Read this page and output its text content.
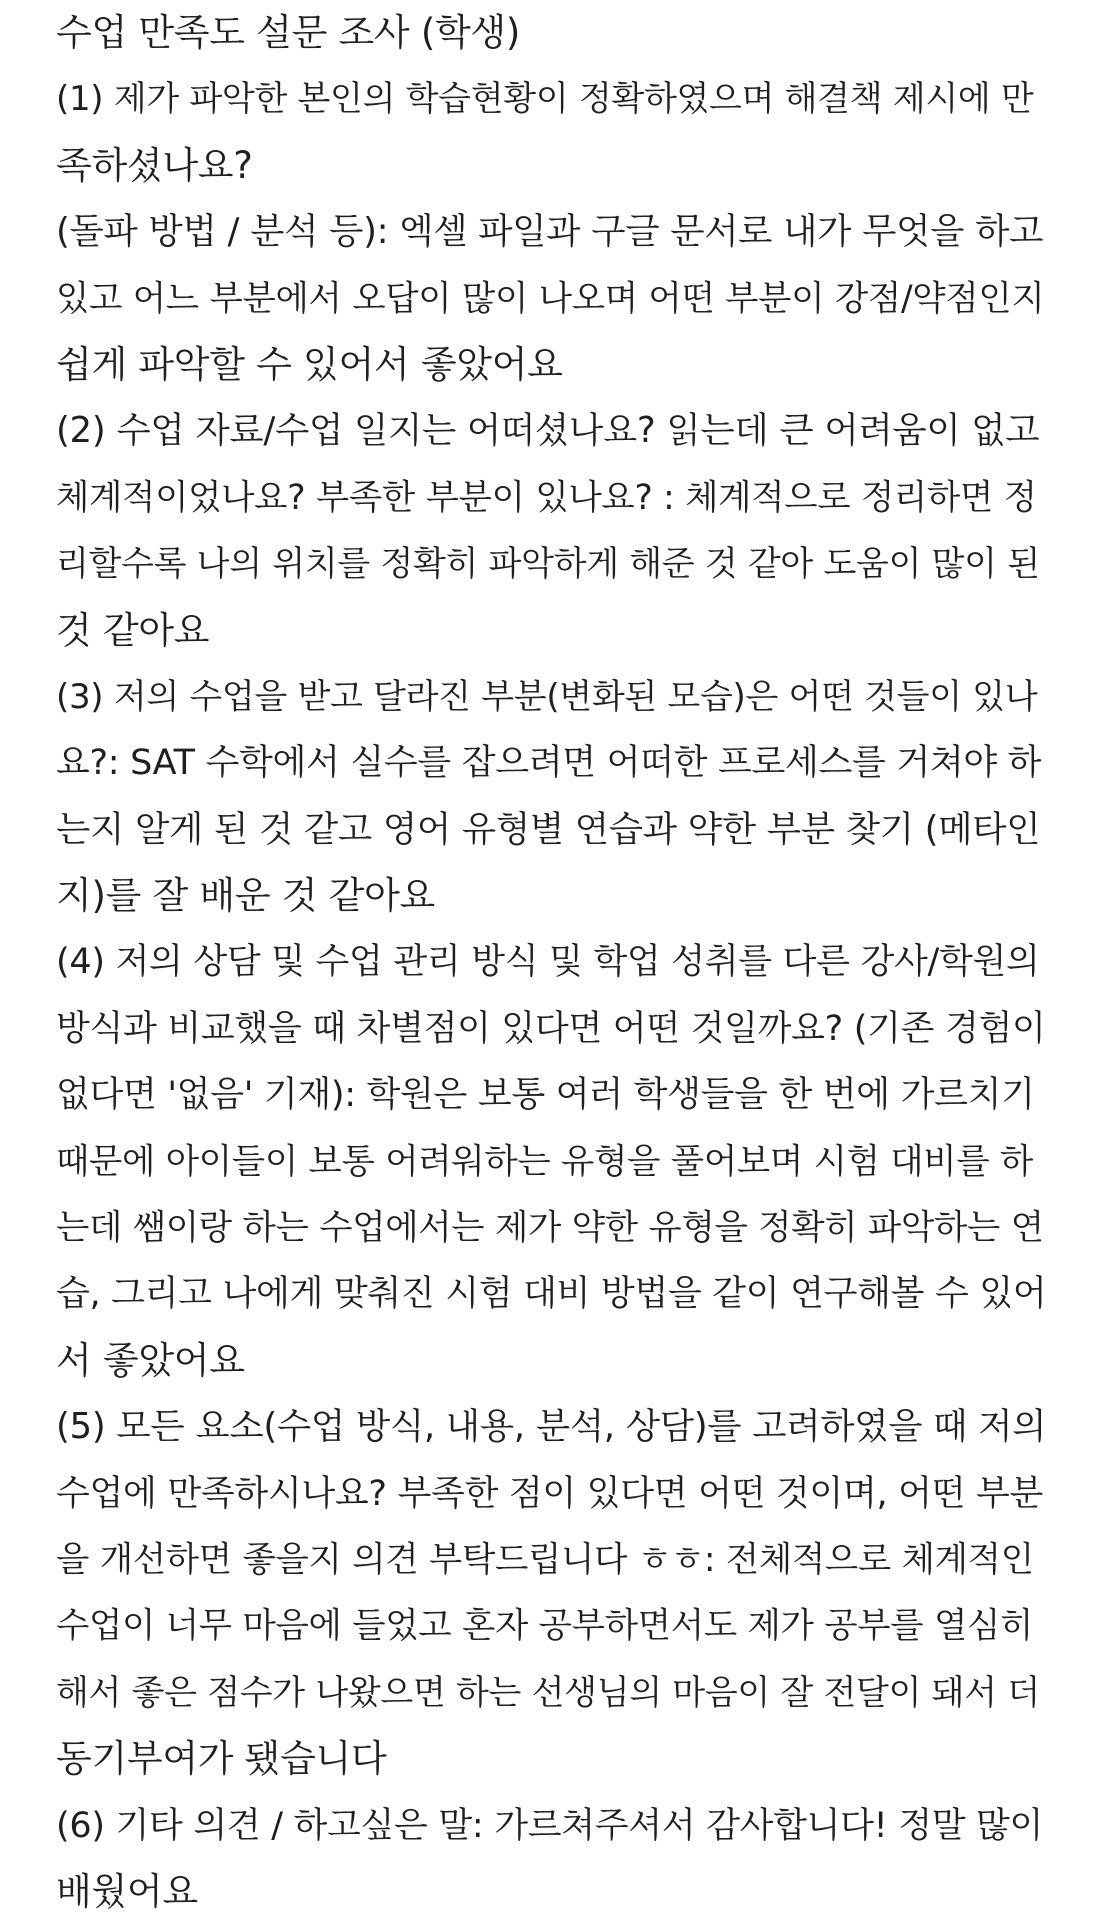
수업 만족도 설문 조사 (학생)
(1) 제가 파악한 본인의 학습현황이 정확하였으며 해결책 제시에 만
족하셨나요?
(돌파 방법 / 분석 등): 엑셀 파일과 구글 문서로 내가 무엇을 하고
있고 어느 부분에서 오답이 많이 나오며 어떤 부분이 강점/약점인지
쉽게 파악할 수 있어서 좋았어요
(2) 수업 자료/수업 일지는 어떠셨나요? 읽는데 큰 어려움이 없고
체계적이었나요? 부족한 부분이 있나요? : 체계적으로 정리하면 정
리할수록 나의 위치를 정확히 파악하게 해준 것 같아 도움이 많이 된
것 같아요
(3) 저의 수업을 받고 달라진 부분(변화된 모습)은 어떤 것들이 있나
요?: SAT 수학에서 실수를 잡으려면 어떠한 프로세스를 거쳐야 하
는지 알게 된 것 같고 영어 유형별 연습과 약한 부분 찾기 (메타인
지)를 잘 배운 것 같아요
(4) 저의 상담 및 수업 관리 방식 및 학업 성취를 다른 강사/학원의
방식과 비교했을 때 차별점이 있다면 어떤 것일까요? (기존 경험이
없다면 '없음' 기재): 학원은 보통 여러 학생들을 한 번에 가르치기
때문에 아이들이 보통 어려워하는 유형을 풀어보며 시험 대비를 하
는데 쌤이랑 하는 수업에서는 제가 약한 유형을 정확히 파악하는 연
습, 그리고 나에게 맞춰진 시험 대비 방법을 같이 연구해볼 수 있어
서 좋았어요
(5) 모든 요소(수업 방식, 내용, 분석, 상담)를 고려하였을 때 저의
수업에 만족하시나요? 부족한 점이 있다면 어떤 것이며, 어떤 부분
을 개선하면 좋을지 의견 부탁드립니다 ㅎㅎ: 전체적으로 체계적인
수업이 너무 마음에 들었고 혼자 공부하면서도 제가 공부를 열심히
해서 좋은 점수가 나왔으면 하는 선생님의 마음이 잘 전달이 돼서 더
동기부여가 됐습니다
(6) 기타 의견 / 하고싶은 말: 가르쳐주셔서 감사합니다! 정말 많이
배웠어요
